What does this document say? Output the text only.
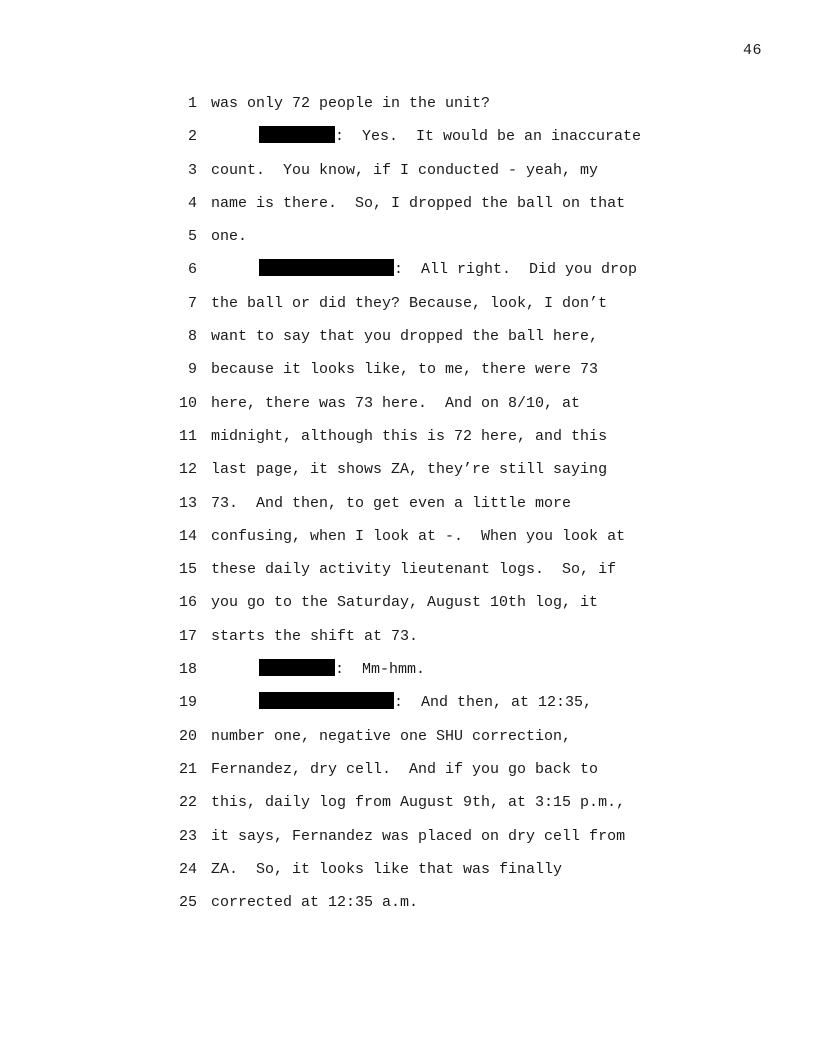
46
1 was only 72 people in the unit?
2	:  Yes.  It would be an inaccurate
3 count.  You know, if I conducted - yeah, my
4 name is there.  So, I dropped the ball on that
5 one.
6	:  All right.  Did you drop
7 the ball or did they? Because, look, I don’t
8 want to say that you dropped the ball here,
9 because it looks like, to me, there were 73
10 here, there was 73 here.  And on 8/10, at
11 midnight, although this is 72 here, and this
12 last page, it shows ZA, they’re still saying
13 73.  And then, to get even a little more
14 confusing, when I look at -.  When you look at
15 these daily activity lieutenant logs.  So, if
16 you go to the Saturday, August 10th log, it
17 starts the shift at 73.
18	:  Mm-hmm.
19	:  And then, at 12:35,
20 number one, negative one SHU correction,
21 Fernandez, dry cell.  And if you go back to
22 this, daily log from August 9th, at 3:15 p.m.,
23 it says, Fernandez was placed on dry cell from
24 ZA.  So, it looks like that was finally
25 corrected at 12:35 a.m.
